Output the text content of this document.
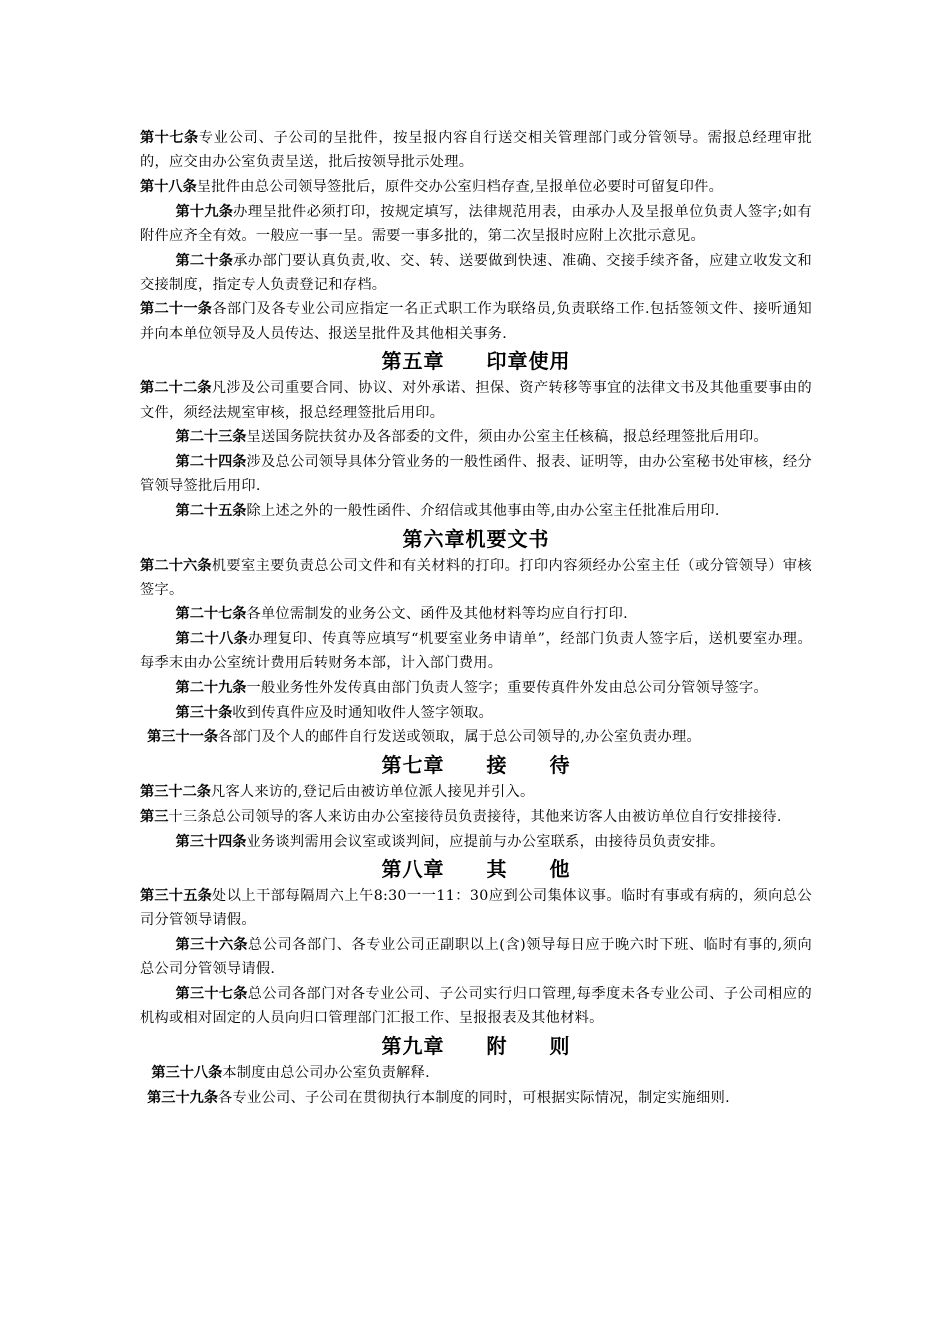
第十七条专业公司、子公司的呈批件，按呈报内容自行送交相关管理部门或分管领导。需报总经理审批的，应交由办公室负责呈送，批后按领导批示处理。

第十八条呈批件由总公司领导签批后，原件交办公室归档存查,呈报单位必要时可留复印件。

第十九条办理呈批件必须打印，按规定填写，法律规范用表，由承办人及呈报单位负责人签字;如有附件应齐全有效。一般应一事一呈。需要一事多批的，第二次呈报时应附上次批示意见。

第二十条承办部门要认真负责,收、交、转、送要做到快速、准确、交接手续齐备，应建立收发文和交接制度，指定专人负责登记和存档。

第二十一条各部门及各专业公司应指定一名正式职工作为联络员,负责联络工作.包括签领文件、接听通知并向本单位领导及人员传达、报送呈批件及其他相关事务.

第五章　　印章使用

第二十二条凡涉及公司重要合同、协议、对外承诺、担保、资产转移等事宜的法律文书及其他重要事由的文件，须经法规室审核，报总经理签批后用印。

第二十三条呈送国务院扶贫办及各部委的文件，须由办公室主任核稿，报总经理签批后用印。

第二十四条涉及总公司领导具体分管业务的一般性函件、报表、证明等，由办公室秘书处审核，经分管领导签批后用印.

第二十五条除上述之外的一般性函件、介绍信或其他事由等,由办公室主任批准后用印.

第六章机要文书

第二十六条机要室主要负责总公司文件和有关材料的打印。打印内容须经办公室主任（或分管领导）审核签字。

第二十七条各单位需制发的业务公文、函件及其他材料等均应自行打印.

第二十八条办理复印、传真等应填写“机要室业务申请单”，经部门负责人签字后，送机要室办理。每季末由办公室统计费用后转财务本部，计入部门费用。

第二十九条一般业务性外发传真由部门负责人签字；重要传真件外发由总公司分管领导签字。

第三十条收到传真件应及时通知收件人签字领取。

第三十一条各部门及个人的邮件自行发送或领取，属于总公司领导的,办公室负责办理。

第七章　　接　　待

第三十二条凡客人来访的,登记后由被访单位派人接见并引入。

第三十三条总公司领导的客人来访由办公室接待员负责接待，其他来访客人由被访单位自行安排接待.

第三十四条业务谈判需用会议室或谈判间，应提前与办公室联系，由接待员负责安排。

第八章　　其　　他

第三十五条处以上干部每隔周六上午8:30一一11：30应到公司集体议事。临时有事或有病的，须向总公司分管领导请假。

第三十六条总公司各部门、各专业公司正副职以上(含)领导每日应于晚六时下班、临时有事的,须向总公司分管领导请假.

第三十七条总公司各部门对各专业公司、子公司实行归口管理,每季度未各专业公司、子公司相应的机构或相对固定的人员向归口管理部门汇报工作、呈报报表及其他材料。

第九章　　附　　则

第三十八条本制度由总公司办公室负责解释.

第三十九条各专业公司、子公司在贯彻执行本制度的同时，可根据实际情况，制定实施细则.
